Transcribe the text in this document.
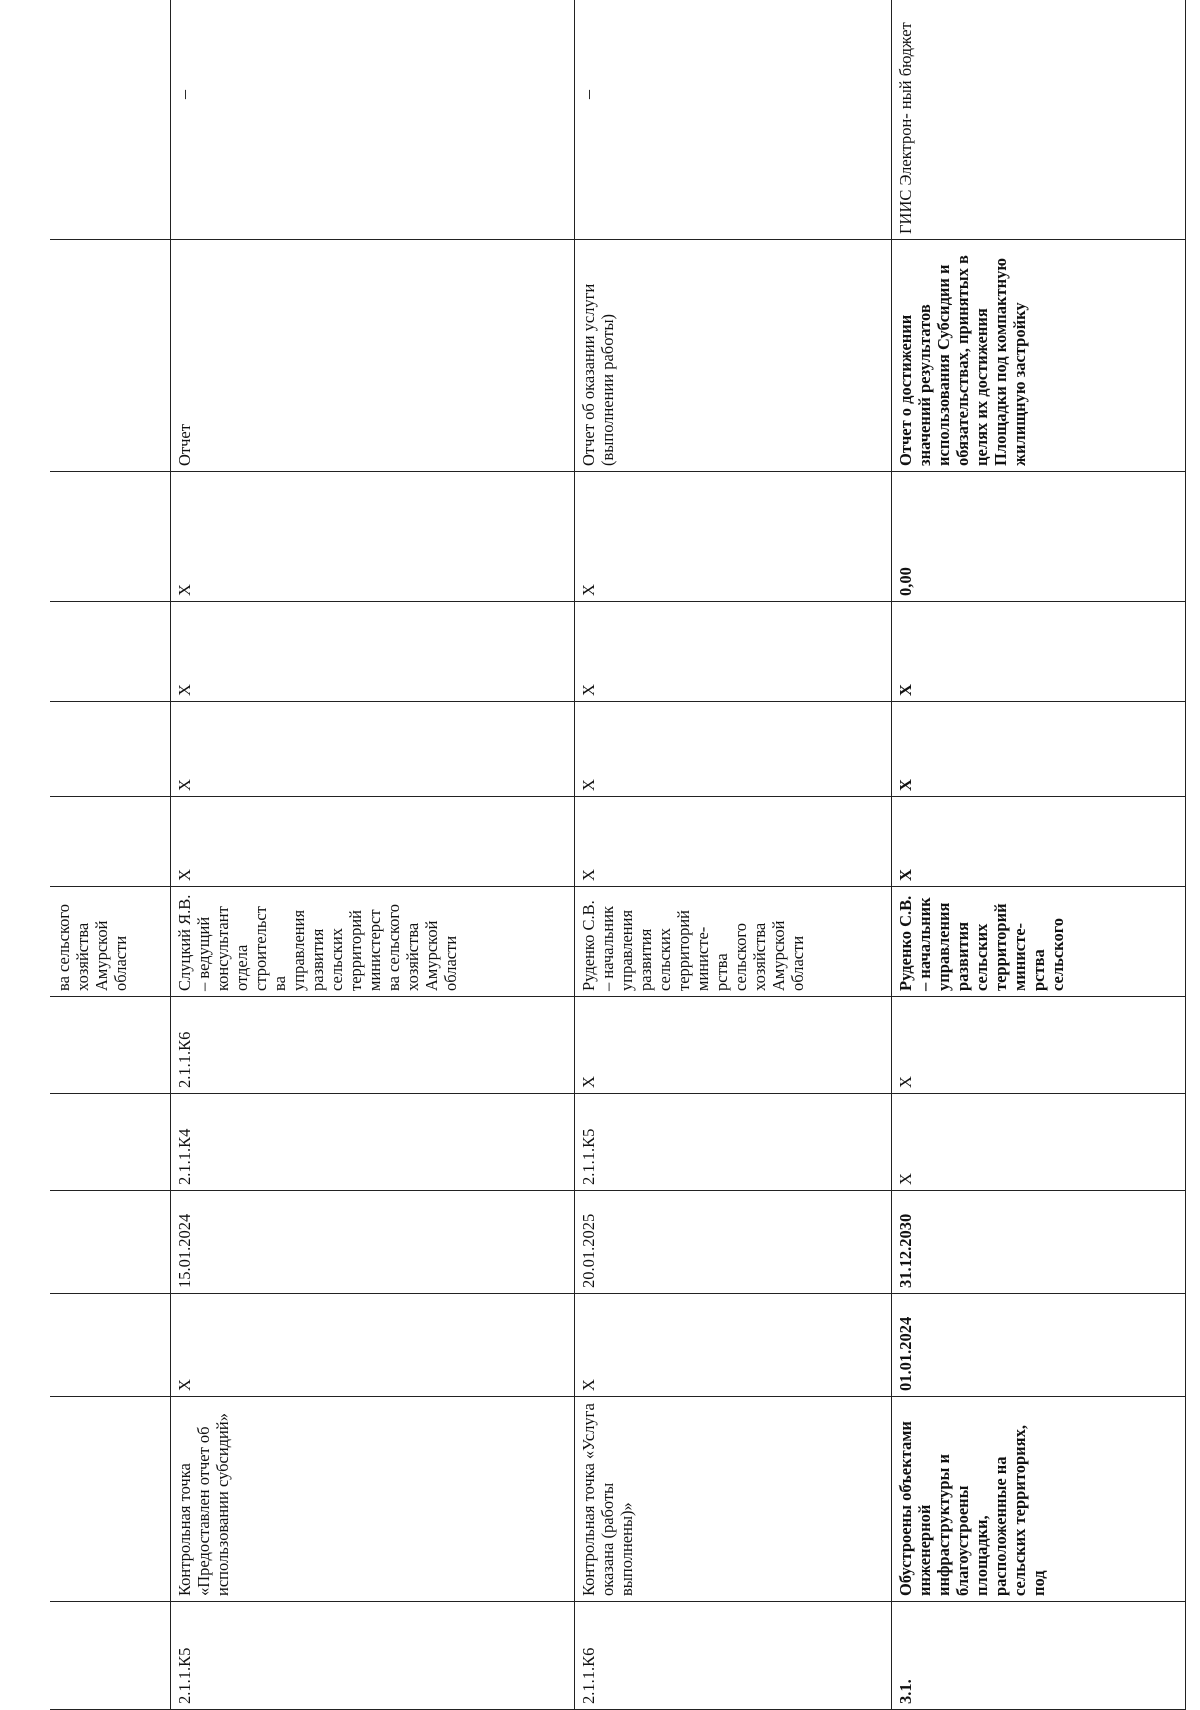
						ва сельского хозяйства Амурской области						
2.1.1.К5	Контрольная точка «Предоставлен отчет об использовании субсидий»	X	15.01.2024	2.1.1.К4	2.1.1.К6	Слуцкий Я.В. – ведущий консультант отдела строительст ва управления развития сельских территорий министерст ва сельского хозяйства Амурской области	X	X	X	X	Отчет	–
2.1.1.К6	Контрольная точка «Услуга оказана (работы выполнены)»	X	20.01.2025	2.1.1.К5	X	Руденко С.В. – начальник управления развития сельских территорий министе- рства сельского хозяйства Амурской области	X	X	X	X	Отчет об оказании услуги (выполнении работы)	–
3.1.	Обустроены объектами инженерной инфраструктуры и благоустроены площадки, расположенные на сельских территориях, под	01.01.2024	31.12.2030	X	X	Руденко С.В. – начальник управления развития сельских территорий министе- рства сельского	X	X	X	0,00	Отчет о достижении значений результатов использования Субсидии и обязательствах, принятых в целях их достижения Площадки под компактную жилищную застройку	ГИИС Электрон- ный бюджет
